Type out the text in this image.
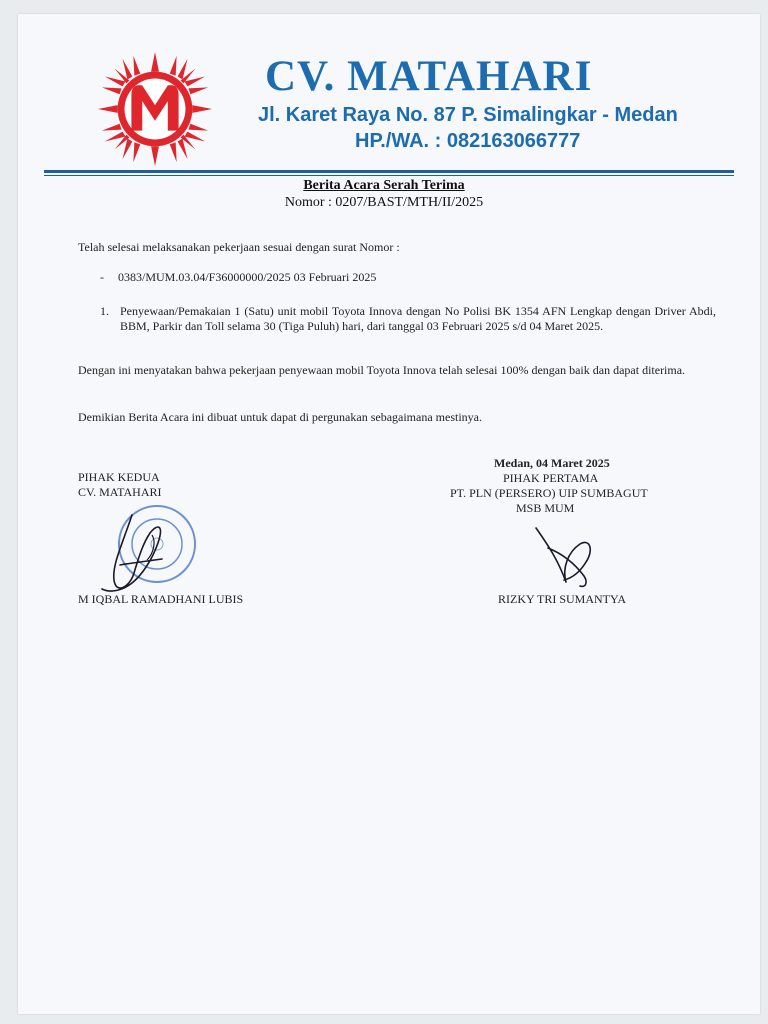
CV. MATAHARI
Jl. Karet Raya No. 87 P. Simalingkar - Medan
HP./WA. : 082163066777
Berita Acara Serah Terima
Nomor : 0207/BAST/MTH/II/2025
Telah selesai melaksanakan pekerjaan sesuai dengan surat Nomor :
- 0383/MUM.03.04/F36000000/2025 03 Februari 2025
1. Penyewaan/Pemakaian 1 (Satu) unit mobil Toyota Innova dengan No Polisi BK 1354 AFN Lengkap dengan Driver Abdi, BBM, Parkir dan Toll selama 30 (Tiga Puluh) hari, dari tanggal 03 Februari 2025 s/d 04 Maret 2025.
Dengan ini menyatakan bahwa pekerjaan penyewaan mobil Toyota Innova telah selesai 100% dengan baik dan dapat diterima.
Demikian Berita Acara ini dibuat untuk dapat di pergunakan sebagaimana mestinya.
Medan, 04 Maret 2025
PIHAK PERTAMA
PT. PLN (PERSERO) UIP SUMBAGUT
MSB MUM
PIHAK KEDUA
CV. MATAHARI
M IQBAL RAMADHANI LUBIS	RIZKY TRI SUMANTYA
